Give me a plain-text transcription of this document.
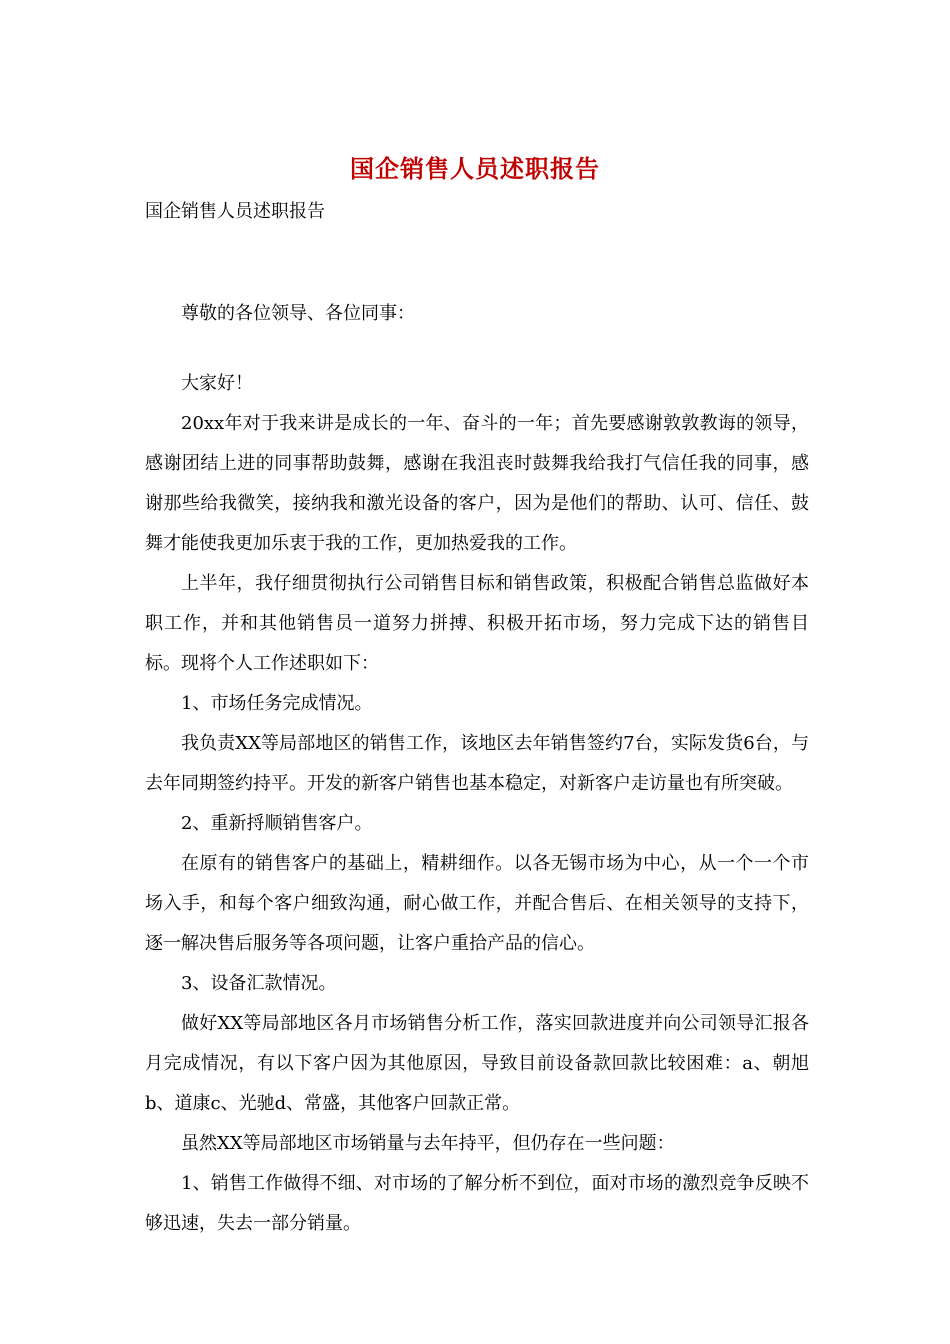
国企销售人员述职报告
国企销售人员述职报告
尊敬的各位领导、各位同事：

大家好！

20xx年对于我来讲是成长的一年、奋斗的一年；首先要感谢敦敦教诲的领导，感谢团结上进的同事帮助鼓舞，感谢在我沮丧时鼓舞我给我打气信任我的同事，感谢那些给我微笑，接纳我和激光设备的客户，因为是他们的帮助、认可、信任、鼓舞才能使我更加乐衷于我的工作，更加热爱我的工作。

上半年，我仔细贯彻执行公司销售目标和销售政策，积极配合销售总监做好本职工作，并和其他销售员一道努力拼搏、积极开拓市场，努力完成下达的销售目标。现将个人工作述职如下：

1、市场任务完成情况。

我负责XX等局部地区的销售工作，该地区去年销售签约7台，实际发货6台，与去年同期签约持平。开发的新客户销售也基本稳定，对新客户走访量也有所突破。

2、重新捋顺销售客户。

在原有的销售客户的基础上，精耕细作。以各无锡市场为中心，从一个一个市场入手，和每个客户细致沟通，耐心做工作，并配合售后、在相关领导的支持下，逐一解决售后服务等各项问题，让客户重拾产品的信心。

3、设备汇款情况。

做好XX等局部地区各月市场销售分析工作，落实回款进度并向公司领导汇报各月完成情况，有以下客户因为其他原因，导致目前设备款回款比较困难：a、朝旭b、道康c、光驰d、常盛，其他客户回款正常。

虽然XX等局部地区市场销量与去年持平，但仍存在一些问题：

1、销售工作做得不细、对市场的了解分析不到位，面对市场的激烈竞争反映不够迅速，失去一部分销量。
